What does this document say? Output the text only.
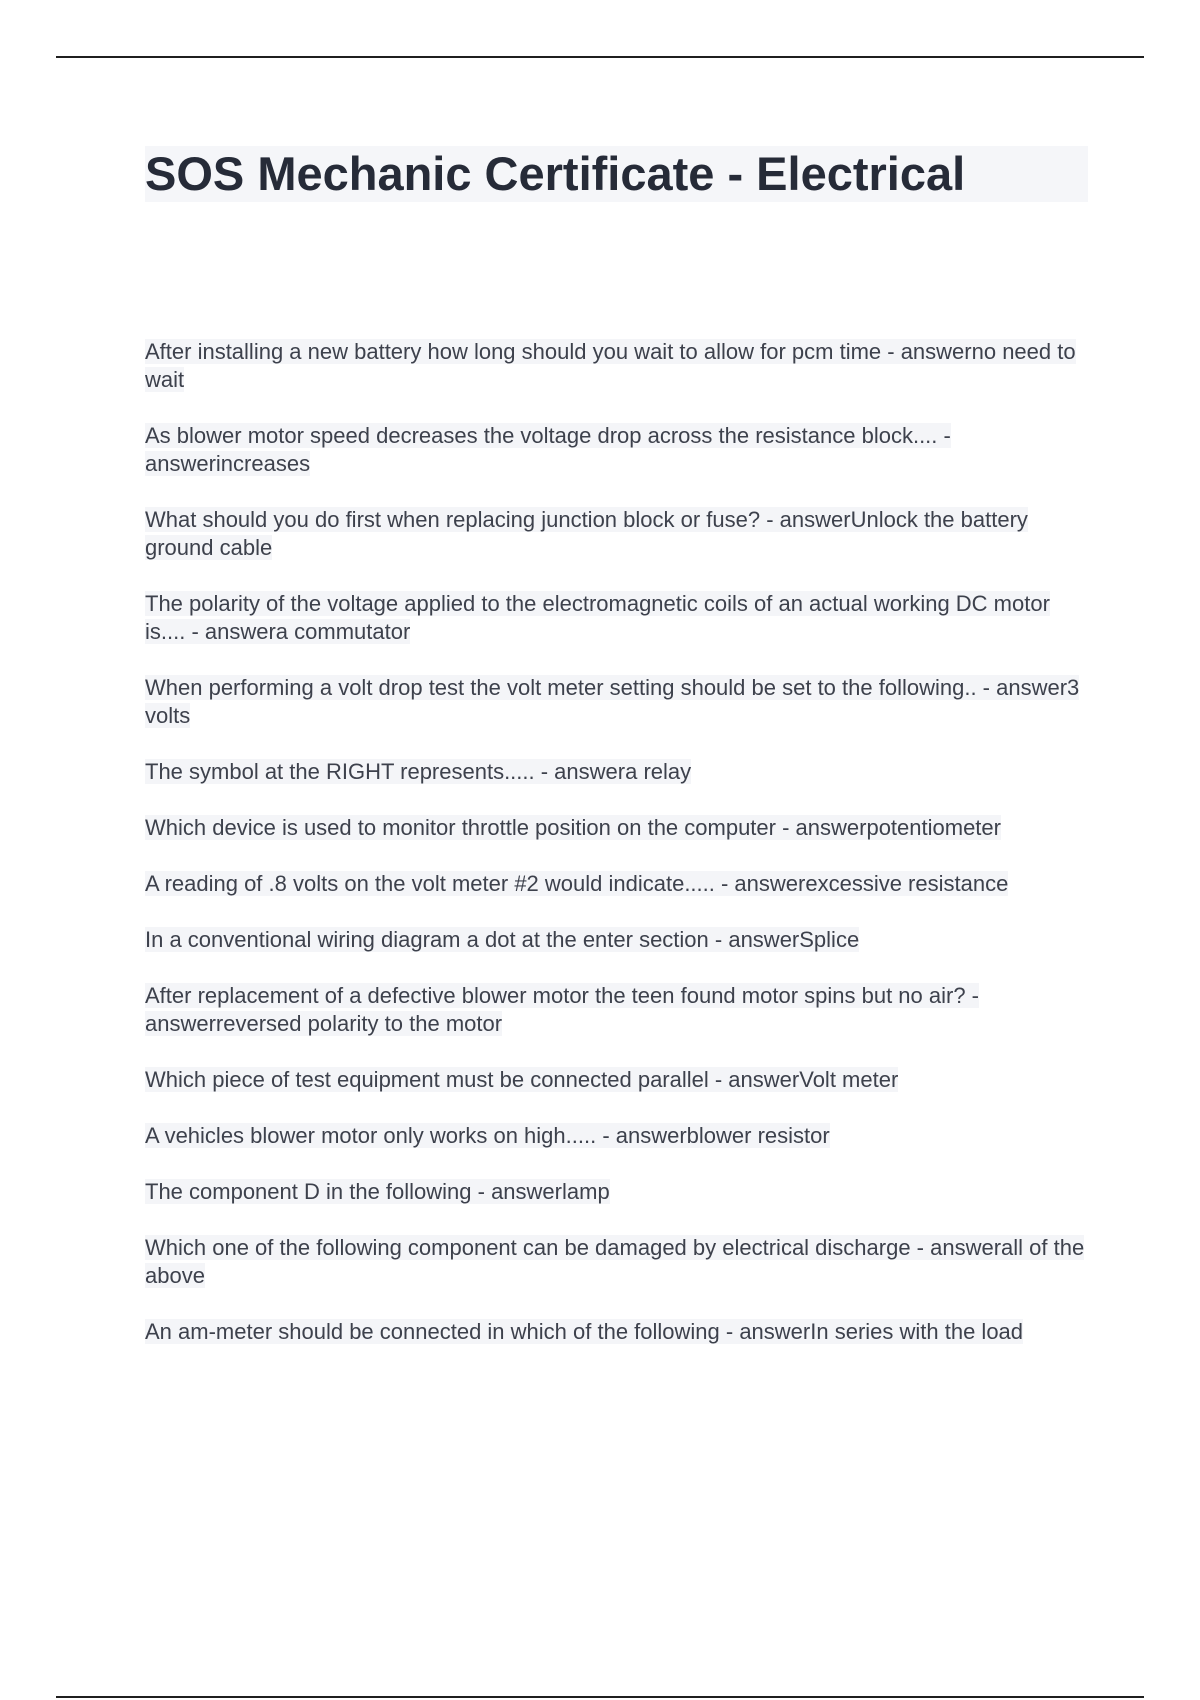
SOS Mechanic Certificate - Electrical
After installing a new battery how long should you wait to allow for pcm time - answerno need to wait
As blower motor speed decreases the voltage drop across the resistance block.... - answerincreases
What should you do first when replacing junction block or fuse? - answerUnlock the battery ground cable
The polarity of the voltage applied to the electromagnetic coils of an actual working DC motor is.... - answera commutator
When performing a volt drop test the volt meter setting should be set to the following.. - answer3 volts
The symbol at the RIGHT represents..... - answera relay
Which device is used to monitor throttle position on the computer - answerpotentiometer
A reading of .8 volts on the volt meter #2 would indicate..... - answerexcessive resistance
In a conventional wiring diagram a dot at the enter section - answerSplice
After replacement of a defective blower motor the teen found motor spins but no air? - answerreversed polarity to the motor
Which piece of test equipment must be connected parallel - answerVolt meter
A vehicles blower motor only works on high..... - answerblower resistor
The component D in the following - answerlamp
Which one of the following component can be damaged by electrical discharge - answerall of the above
An am-meter should be connected in which of the following - answerIn series with the load
